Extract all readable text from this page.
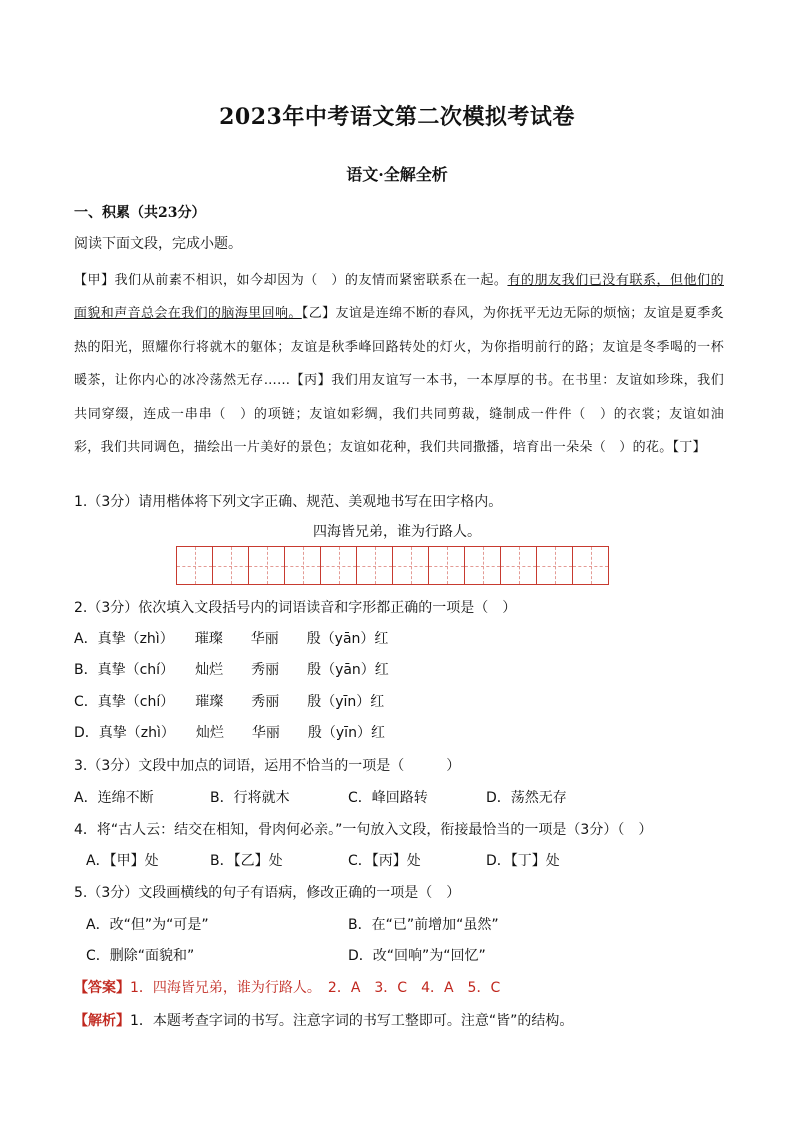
2023年中考语文第二次模拟考试卷
语文·全解全析
一、积累（共23分）
阅读下面文段，完成小题。
【甲】我们从前素不相识，如今却因为（　）的友情而紧密联系在一起。有的朋友我们已没有联系，但他们的面貌和声音总会在我们的脑海里回响。【乙】友谊是连绵不断的春风，为你抚平无边无际的烦恼；友谊是夏季炙热的阳光，照耀你行将就木的躯体；友谊是秋季峰回路转处的灯火，为你指明前行的路；友谊是冬季喝的一杯暖茶，让你内心的冰冷荡然无存……【丙】我们用友谊写一本书，一本厚厚的书。在书里：友谊如珍珠，我们共同穿缀，连成一串串（　）的项链；友谊如彩绸，我们共同剪裁，缝制成一件件（　）的衣裳；友谊如油彩，我们共同调色，描绘出一片美好的景色；友谊如花种，我们共同撒播，培育出一朵朵（　）的花。【丁】
1.（3分）请用楷体将下列文字正确、规范、美观地书写在田字格内。
四海皆兄弟，谁为行路人。
2.（3分）依次填入文段括号内的词语读音和字形都正确的一项是（　）
A．真挚（zhì）　　璀璨　　华丽　　殷（yān）红
B．真挚（chí）　　灿烂　　秀丽　　殷（yān）红
C．真挚（chí）　　璀璨　　秀丽　　殷（yīn）红
D．真挚（zhì）　　灿烂　　华丽　　殷（yīn）红
3.（3分）文段中加点的词语，运用不恰当的一项是（　　　）
A．连绵不断	B．行将就木	C．峰回路转	D．荡然无存
4．将“古人云：结交在相知，骨肉何必亲。”一句放入文段，衔接最恰当的一项是（3分）（　）
A．【甲】处	B．【乙】处	C．【丙】处	D．【丁】处
5.（3分）文段画横线的句子有语病，修改正确的一项是（　）
A．改“但”为“可是”	B．在“已”前增加“虽然”
C．删除“面貌和”	D．改“回响”为“回忆”
【答案】1．四海皆兄弟，谁为行路人。　2．A　3．C　4．A　5．C
【解析】1．本题考查字词的书写。注意字词的书写工整即可。注意“皆”的结构。
